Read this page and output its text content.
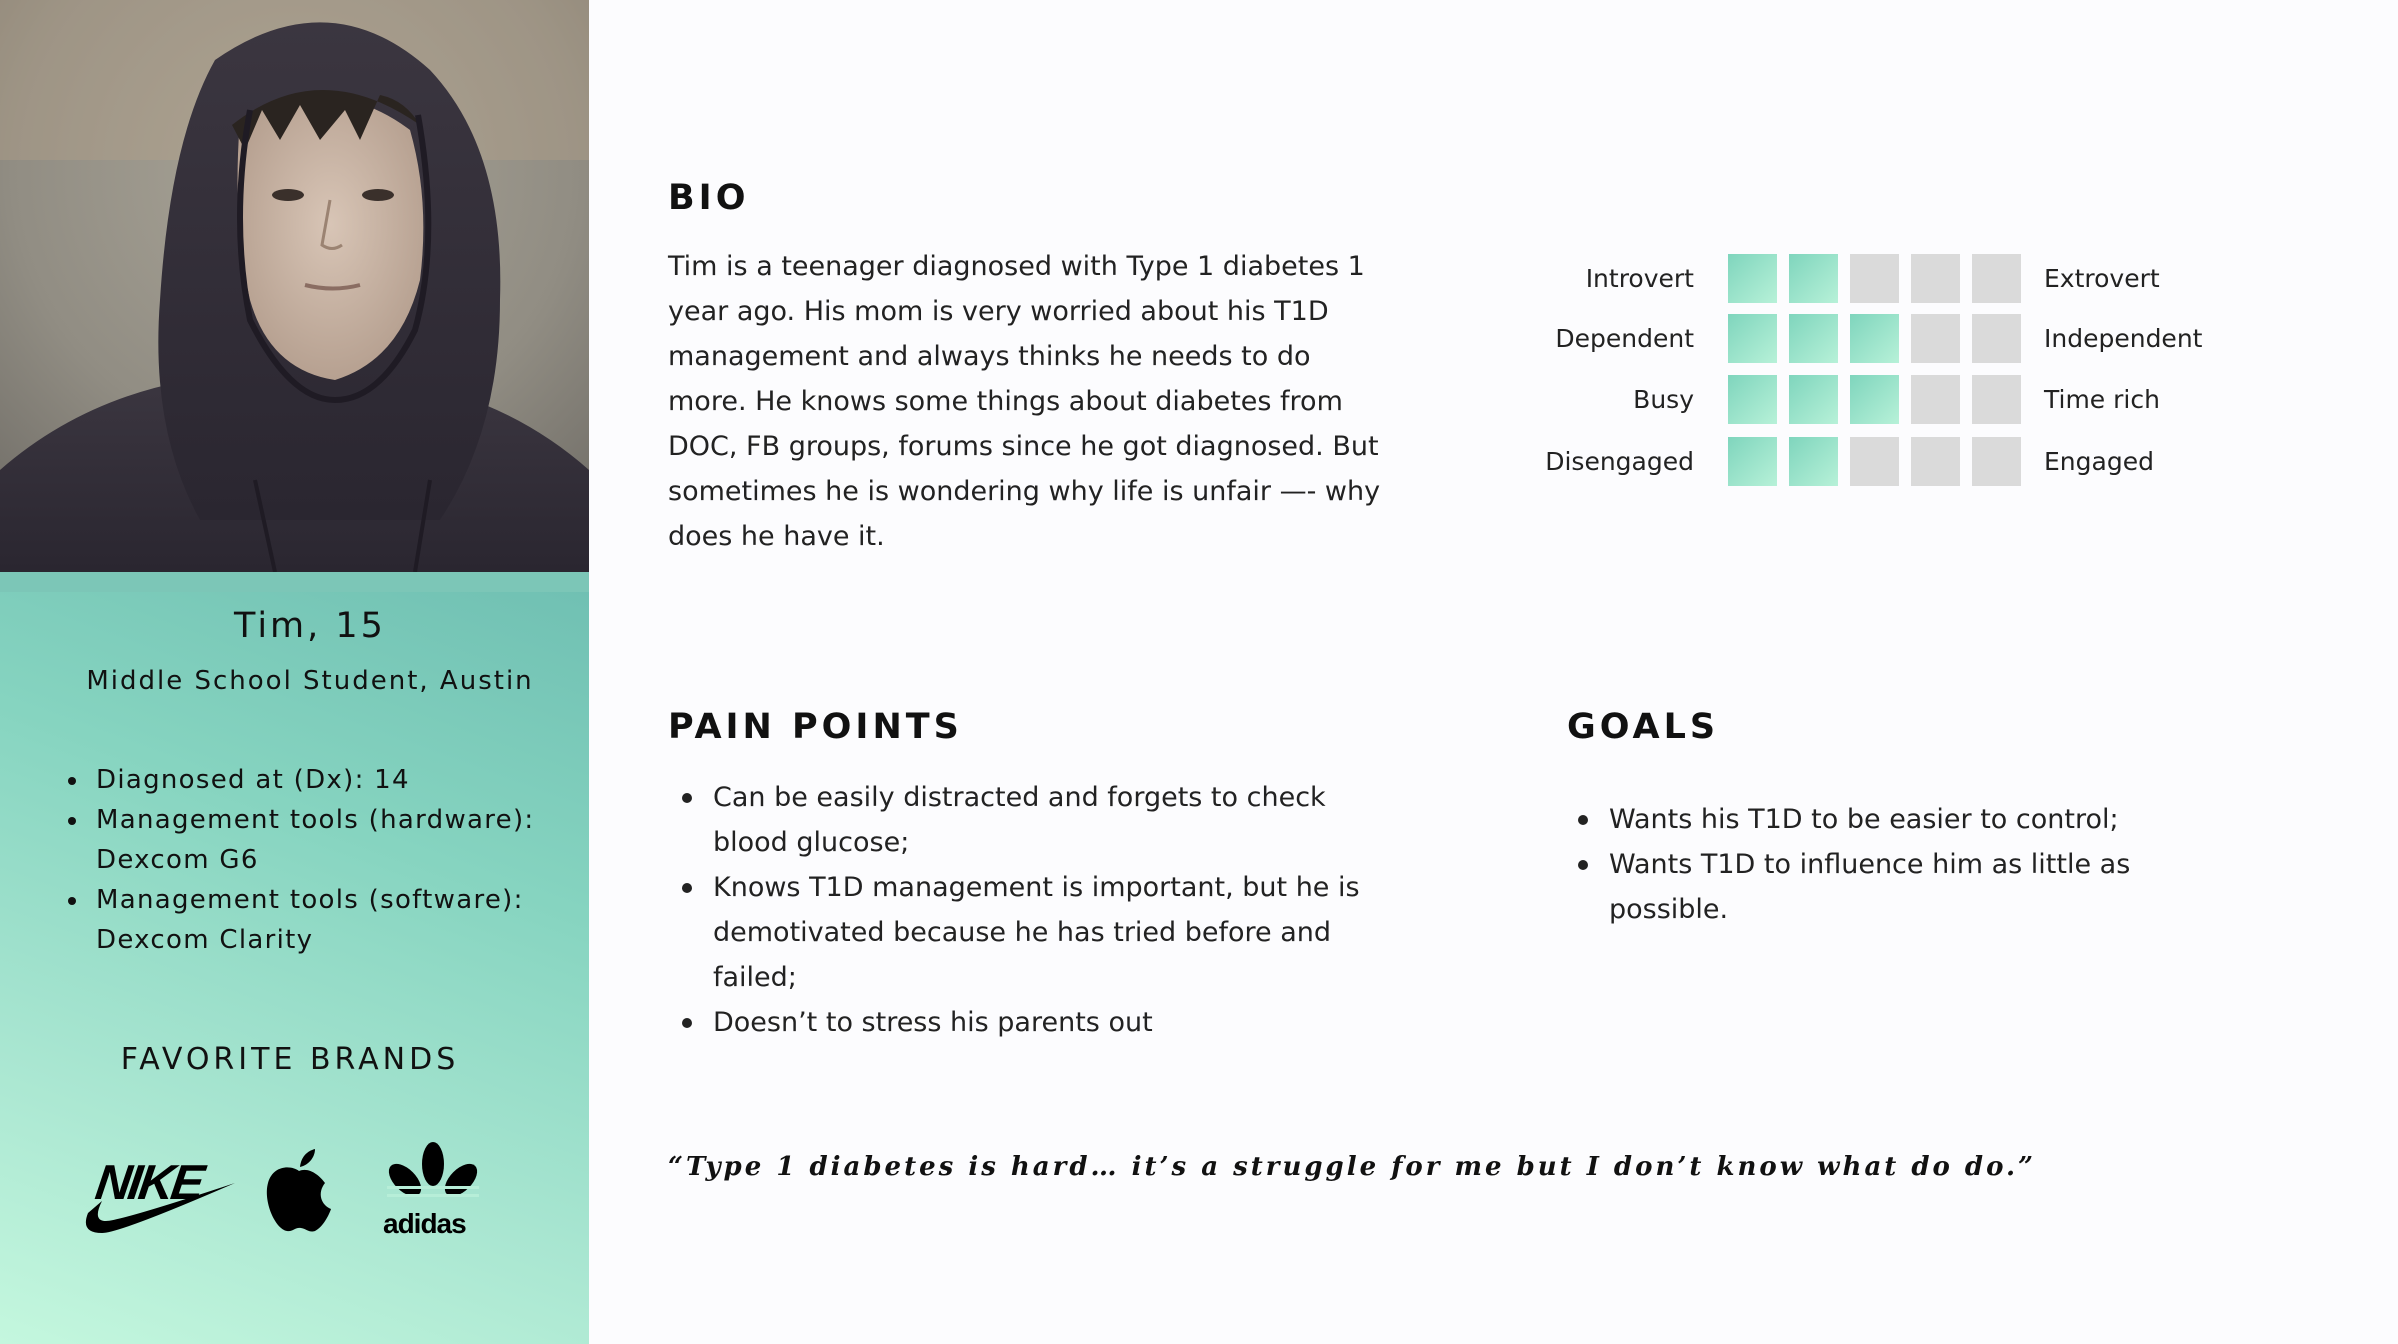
Tim, 15
Middle School Student, Austin
Diagnosed at (Dx): 14
Management tools (hardware): Dexcom G6
Management tools (software): Dexcom Clarity
FAVORITE BRANDS
NIKE
adidas
BIO

Tim is a teenager diagnosed with Type 1 diabetes 1 year ago. His mom is very worried about his T1D management and always thinks he needs to do more. He knows some things about diabetes from DOC, FB groups, forums since he got diagnosed. But sometimes he is wondering why life is unfair —- why does he have it.

Introvert	Extrovert
Dependent	Independent
Busy	Time rich
Disengaged	Engaged
PAIN POINTS
Can be easily distracted and forgets to check blood glucose;
Knows T1D management is important, but he is demotivated because he has tried before and failed;
Doesn’t to stress his parents out
GOALS
Wants his T1D to be easier to control;
Wants T1D to influence him as little as possible.

“Type 1 diabetes is hard… it’s a struggle for me but I don’t know what do do.”
